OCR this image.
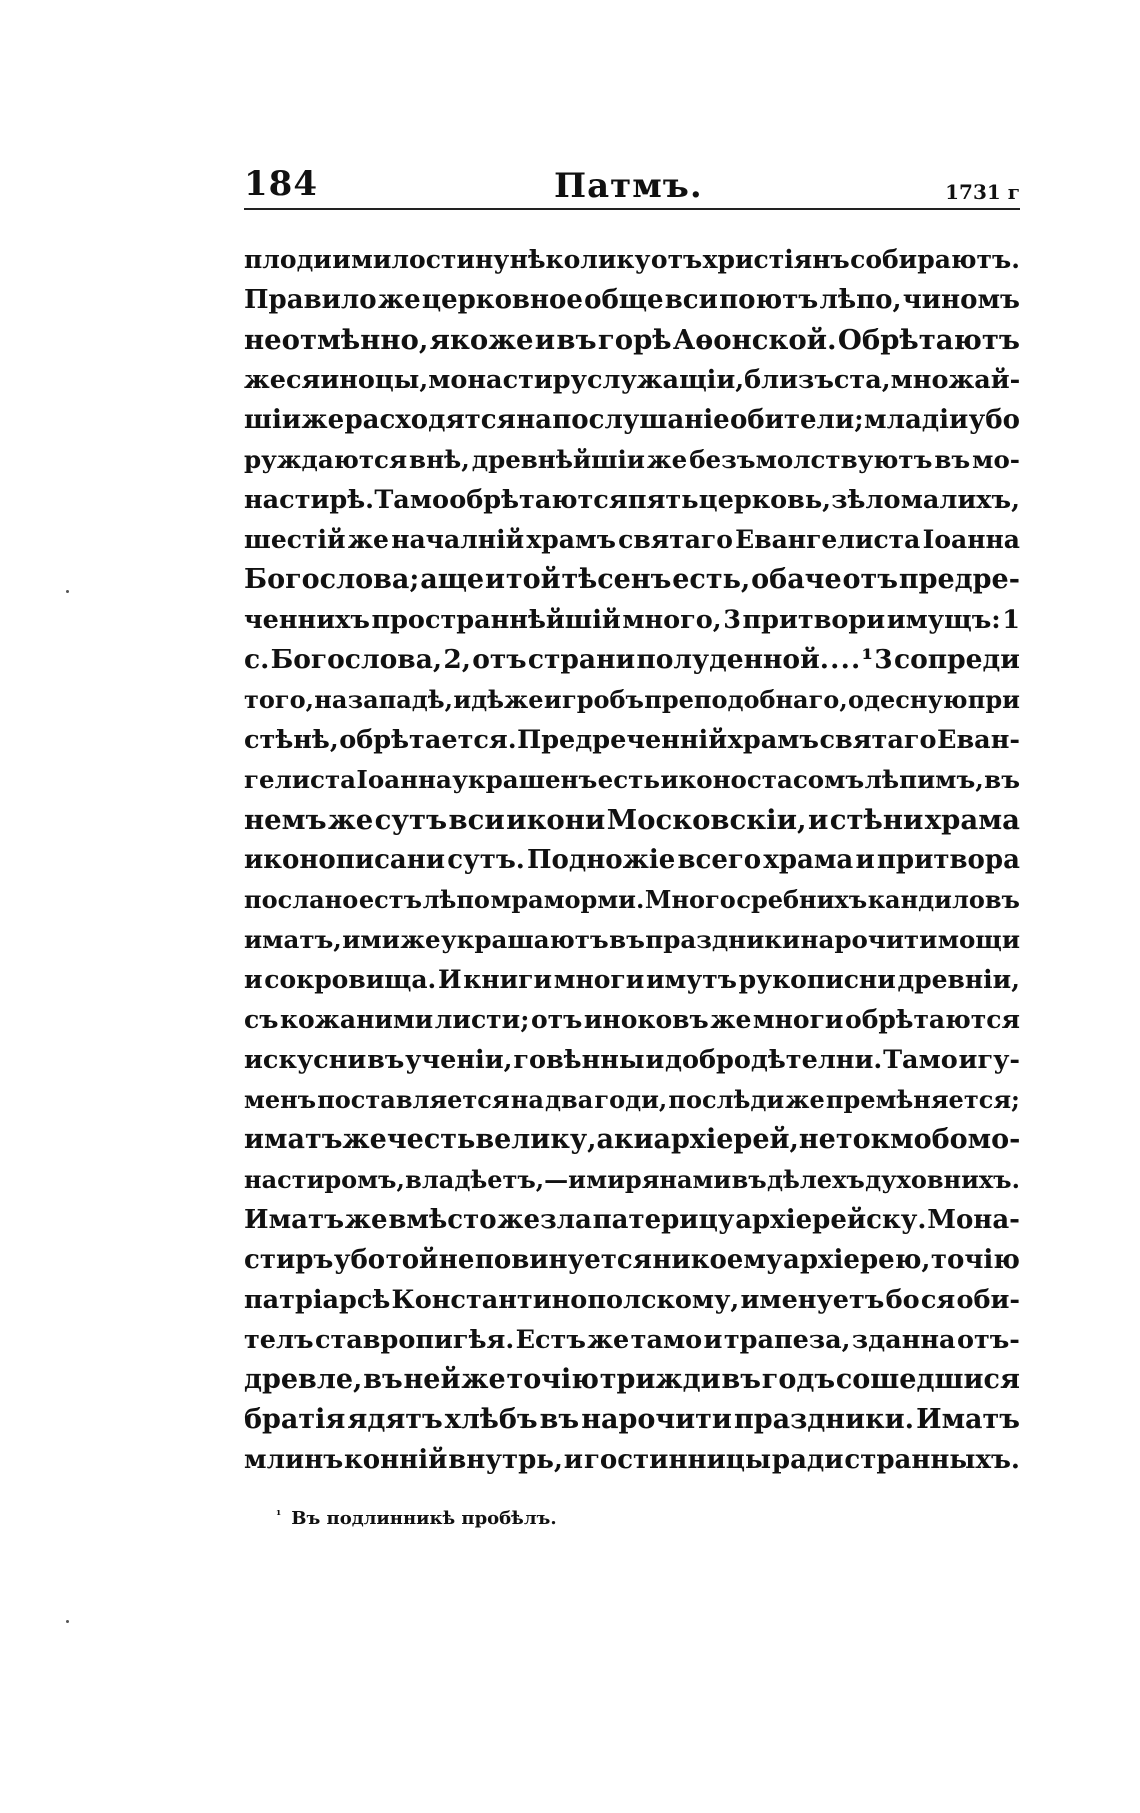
184	Патмъ.	1731 г
плоди и милостину нѣколику отъ христіянъ собираютъ.
Правило же церковное обще вси поютъ лѣпо, чиномъ
неотмѣнно, якоже и въ горѣ Аѳонской. Обрѣтаютъ
жеся иноцы, монастиру служащіи, близъ ста, множай-
шіи же расходятся на послушаніе обители; младіи убо
руждаются внѣ, древнѣйшіи же безъмолствуютъ въ мо-
настирѣ. Тамо обрѣтаются пять церковь, зѣло малихъ,
шестій же началній храмъ святаго Евангелиста Іоанна
Богослова; аще и той тѣсенъ есть, обаче отъ предре-
ченнихъ пространнѣйшій много, 3 притвори имущъ: 1
с. Богослова, 2, отъ страни полуденной. . . . ¹ 3 сопреди
того, на западѣ, идѣже и гробъ преподобнаго, одесную при
стѣнѣ, обрѣтается. Предреченній храмъ святаго Еван-
гелиста Іоанна украшенъ есть иконостасомъ лѣпимъ, въ
немъ же сутъ вси икони Московскіи, и стѣни храма
иконописани сутъ. Подножіе всего храма и притвора
послано естъ лѣпо мраморми. Много сребнихъ кандиловъ
иматъ, ими же украшаютъ въ праздники нарочити мощи
и сокровища. И книги многи имутъ рукописни древніи,
съ кожаними листи; отъ иноковъ же многи обрѣтаются
искусни въ ученіи, говѣнны и добродѣтелни. Тамо игу-
менъ поставляется на два годи, послѣди же премѣняется;
иматъ же честь велику, аки архіерей, не токмо бо мо-
настиромъ, владѣетъ,—и мирянами въ дѣлехъ духовнихъ.
Иматъ же вмѣсто жезла патерицу архіерейску. Мона-
стиръ убо той не повинуется никоему архіерею, точію
патріарсѣ Константинополскому, именуетъ бо ся оби-
телъ ставропигѣя. Естъ же тамо и трапеза, зданна отъ-
древле, въ ней же точію трижди въ годъ сошедшися
братія ядятъ хлѣбъ въ нарочити праздники. Иматъ
млинъ конній внутрь, и гостинницы ради странныхъ.
$^{^1}$ Въ подлинникѣ пробѣлъ.
